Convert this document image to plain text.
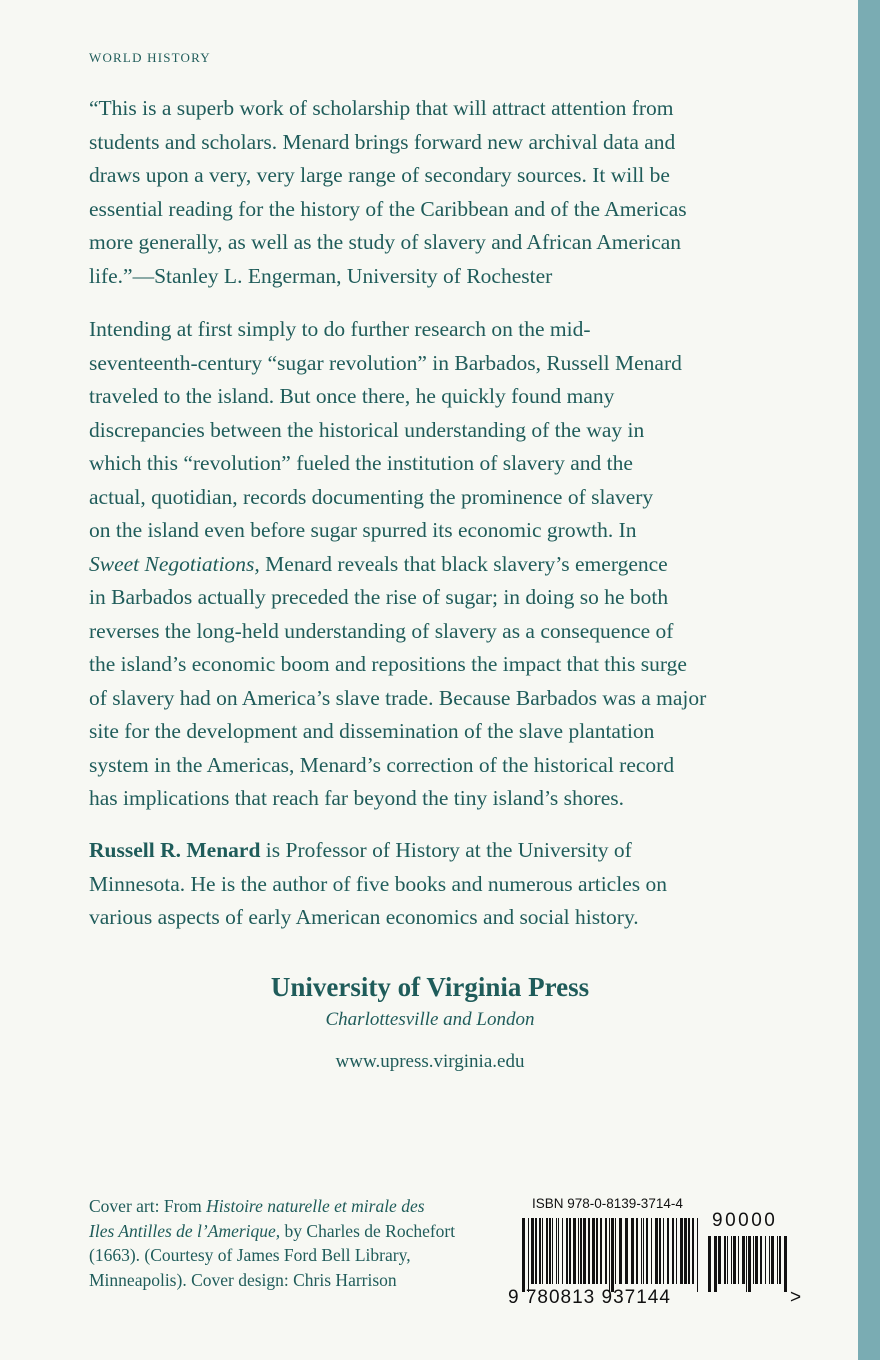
WORLD HISTORY
“This is a superb work of scholarship that will attract attention from
students and scholars. Menard brings forward new archival data and
draws upon a very, very large range of secondary sources. It will be
essential reading for the history of the Caribbean and of the Americas
more generally, as well as the study of slavery and African American
life.”—Stanley L. Engerman, University of Rochester
Intending at first simply to do further research on the mid-
seventeenth-century “sugar revolution” in Barbados, Russell Menard
traveled to the island. But once there, he quickly found many
discrepancies between the historical understanding of the way in
which this “revolution” fueled the institution of slavery and the
actual, quotidian, records documenting the prominence of slavery
on the island even before sugar spurred its economic growth. In
Sweet Negotiations, Menard reveals that black slavery’s emergence
in Barbados actually preceded the rise of sugar; in doing so he both
reverses the long-held understanding of slavery as a consequence of
the island’s economic boom and repositions the impact that this surge
of slavery had on America’s slave trade. Because Barbados was a major
site for the development and dissemination of the slave plantation
system in the Americas, Menard’s correction of the historical record
has implications that reach far beyond the tiny island’s shores.
Russell R. Menard is Professor of History at the University of
Minnesota. He is the author of five books and numerous articles on
various aspects of early American economics and social history.
University of Virginia Press
Charlottesville and London
www.upress.virginia.edu
Cover art: From Histoire naturelle et mirale des
Iles Antilles de l’Amerique, by Charles de Rochefort
(1663). (Courtesy of James Ford Bell Library,
Minneapolis). Cover design: Chris Harrison
ISBN 978-0-8139-3714-4
90000
9 780813 937144	>
